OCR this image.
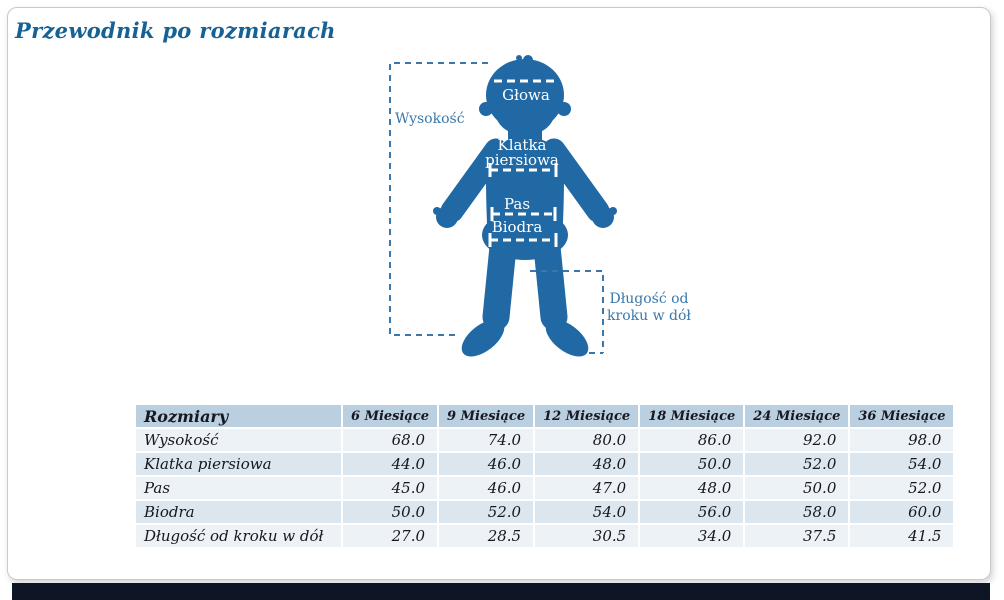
Przewodnik po rozmiarach
Głowa
Klatka
piersiowa
Pas
Biodra
Wysokość
Długość od
kroku w dół
Rozmiary	6 Miesiące	9 Miesiące	12 Miesiące	18 Miesiące	24 Miesiące	36 Miesiące
Wysokość	68.0	74.0	80.0	86.0	92.0	98.0
Klatka piersiowa	44.0	46.0	48.0	50.0	52.0	54.0
Pas	45.0	46.0	47.0	48.0	50.0	52.0
Biodra	50.0	52.0	54.0	56.0	58.0	60.0
Długość od kroku w dół	27.0	28.5	30.5	34.0	37.5	41.5
